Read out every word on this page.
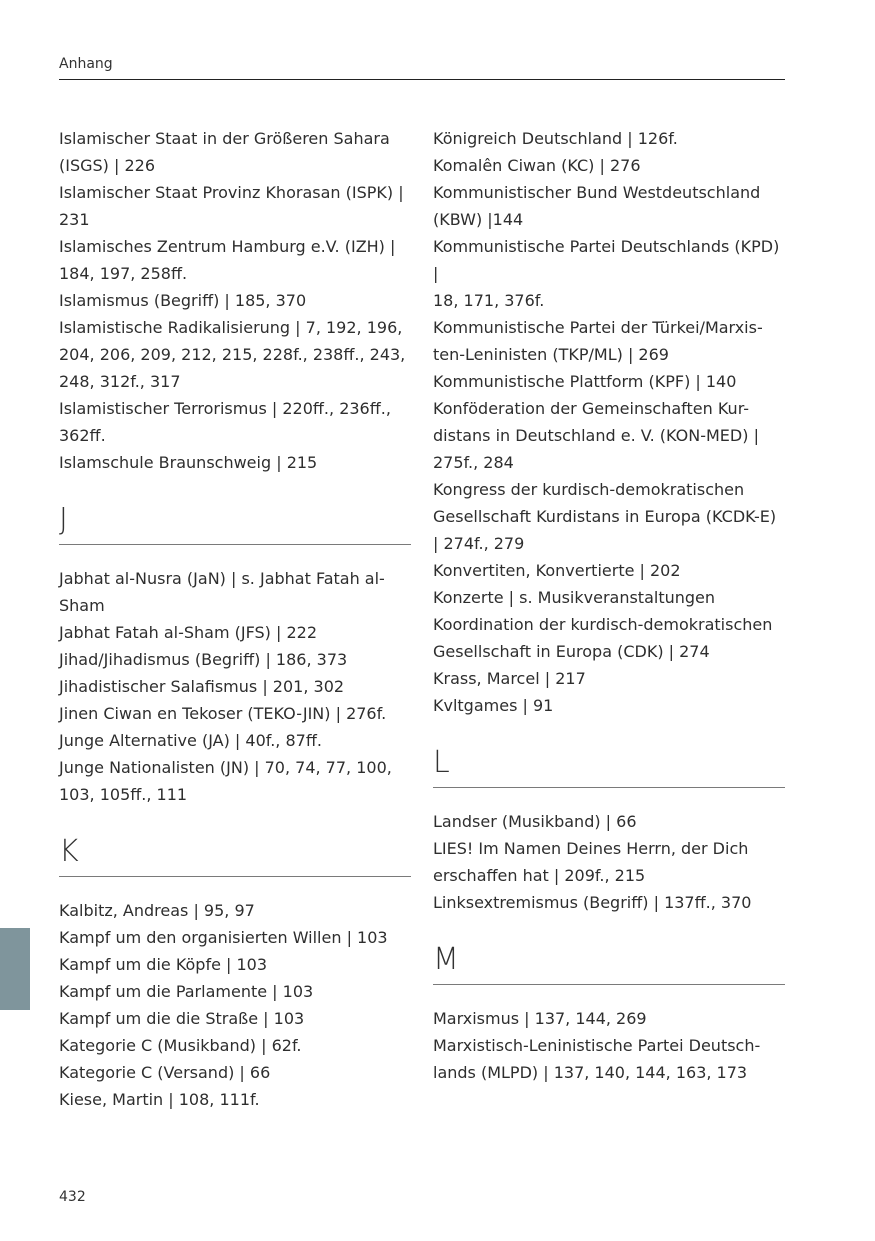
Anhang

Islamischer Staat in der Größeren Sahara

(ISGS) | 226

Islamischer Staat Provinz Khorasan (ISPK) |

231

Islamisches Zentrum Hamburg e.V. (IZH) |

184, 197, 258ff.

Islamismus (Begriff) | 185, 370

Islamistische Radikalisierung | 7, 192, 196,

204, 206, 209, 212, 215, 228f., 238ff., 243,

248, 312f., 317

Islamistischer Terrorismus | 220ff., 236ff.,

362ff.

Islamschule Braunschweig | 215

J

Jabhat al-Nusra (JaN) | s. Jabhat Fatah al-

Sham

Jabhat Fatah al-Sham (JFS) | 222

Jihad/Jihadismus (Begriff) | 186, 373

Jihadistischer Salafismus | 201, 302

Jinen Ciwan en Tekoser (TEKO-JIN) | 276f.

Junge Alternative (JA) | 40f., 87ff.

Junge Nationalisten (JN) | 70, 74, 77, 100,

103, 105ff., 111

K

Kalbitz, Andreas | 95, 97

Kampf um den organisierten Willen | 103

Kampf um die Köpfe | 103

Kampf um die Parlamente | 103

Kampf um die die Straße | 103

Kategorie C (Musikband) | 62f.

Kategorie C (Versand) | 66

Kiese, Martin | 108, 111f.

Königreich Deutschland | 126f.

Komalên Ciwan (KC) | 276

Kommunistischer Bund Westdeutschland

(KBW) |144

Kommunistische Partei Deutschlands (KPD) |

18, 171, 376f.

Kommunistische Partei der Türkei/Marxis-

ten-Leninisten (TKP/ML) | 269

Kommunistische Plattform (KPF) | 140

Konföderation der Gemeinschaften Kur-

distans in Deutschland e. V. (KON-MED) |

275f., 284

Kongress der kurdisch-demokratischen

Gesellschaft Kurdistans in Europa (KCDK-E)

| 274f., 279

Konvertiten, Konvertierte | 202

Konzerte | s. Musikveranstaltungen

Koordination der kurdisch-demokratischen

Gesellschaft in Europa (CDK) | 274

Krass, Marcel | 217

Kvltgames | 91

L

Landser (Musikband) | 66

LIES! Im Namen Deines Herrn, der Dich

erschaffen hat | 209f., 215

Linksextremismus (Begriff) | 137ff., 370

M

Marxismus | 137, 144, 269

Marxistisch-Leninistische Partei Deutsch-

lands (MLPD) | 137, 140, 144, 163, 173

432
